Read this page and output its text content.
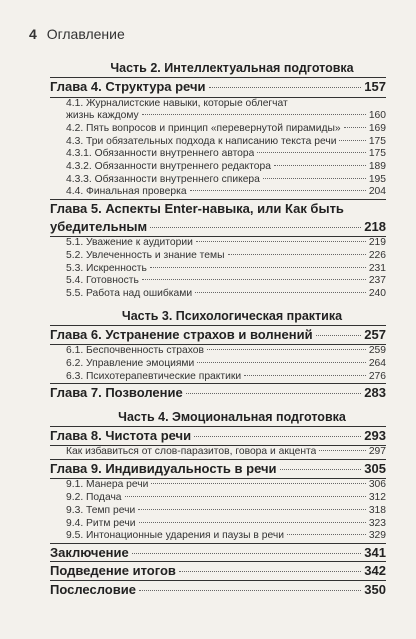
4 Оглавление
Часть 2. Интеллектуальная подготовка
Глава 4. Структура речи	157
4.1. Журналистские навыки, которые облегчат
жизнь каждому	160
4.2. Пять вопросов и принцип «перевернутой пирамиды»	169
4.3. Три обязательных подхода к написанию текста речи	175
4.3.1. Обязанности внутреннего автора	175
4.3.2. Обязанности внутреннего редактора	189
4.3.3. Обязанности внутреннего спикера	195
4.4. Финальная проверка	204
Глава 5. Аспекты Enter-навыка, или Как быть
убедительным	218
5.1. Уважение к аудитории	219
5.2. Увлеченность и знание темы	226
5.3. Искренность	231
5.4. Готовность	237
5.5. Работа над ошибками	240
Часть 3. Психологическая практика
Глава 6. Устранение страхов и волнений	257
6.1. Беспочвенность страхов	259
6.2. Управление эмоциями	264
6.3. Психотерапевтические практики	276
Глава 7. Позволение	283
Часть 4. Эмоциональная подготовка
Глава 8. Чистота речи	293
Как избавиться от слов-паразитов, говора и акцента	297
Глава 9. Индивидуальность в речи	305
9.1. Манера речи	306
9.2. Подача	312
9.3. Темп речи	318
9.4. Ритм речи	323
9.5. Интонационные ударения и паузы в речи	329
Заключение	341
Подведение итогов	342
Послесловие	350
